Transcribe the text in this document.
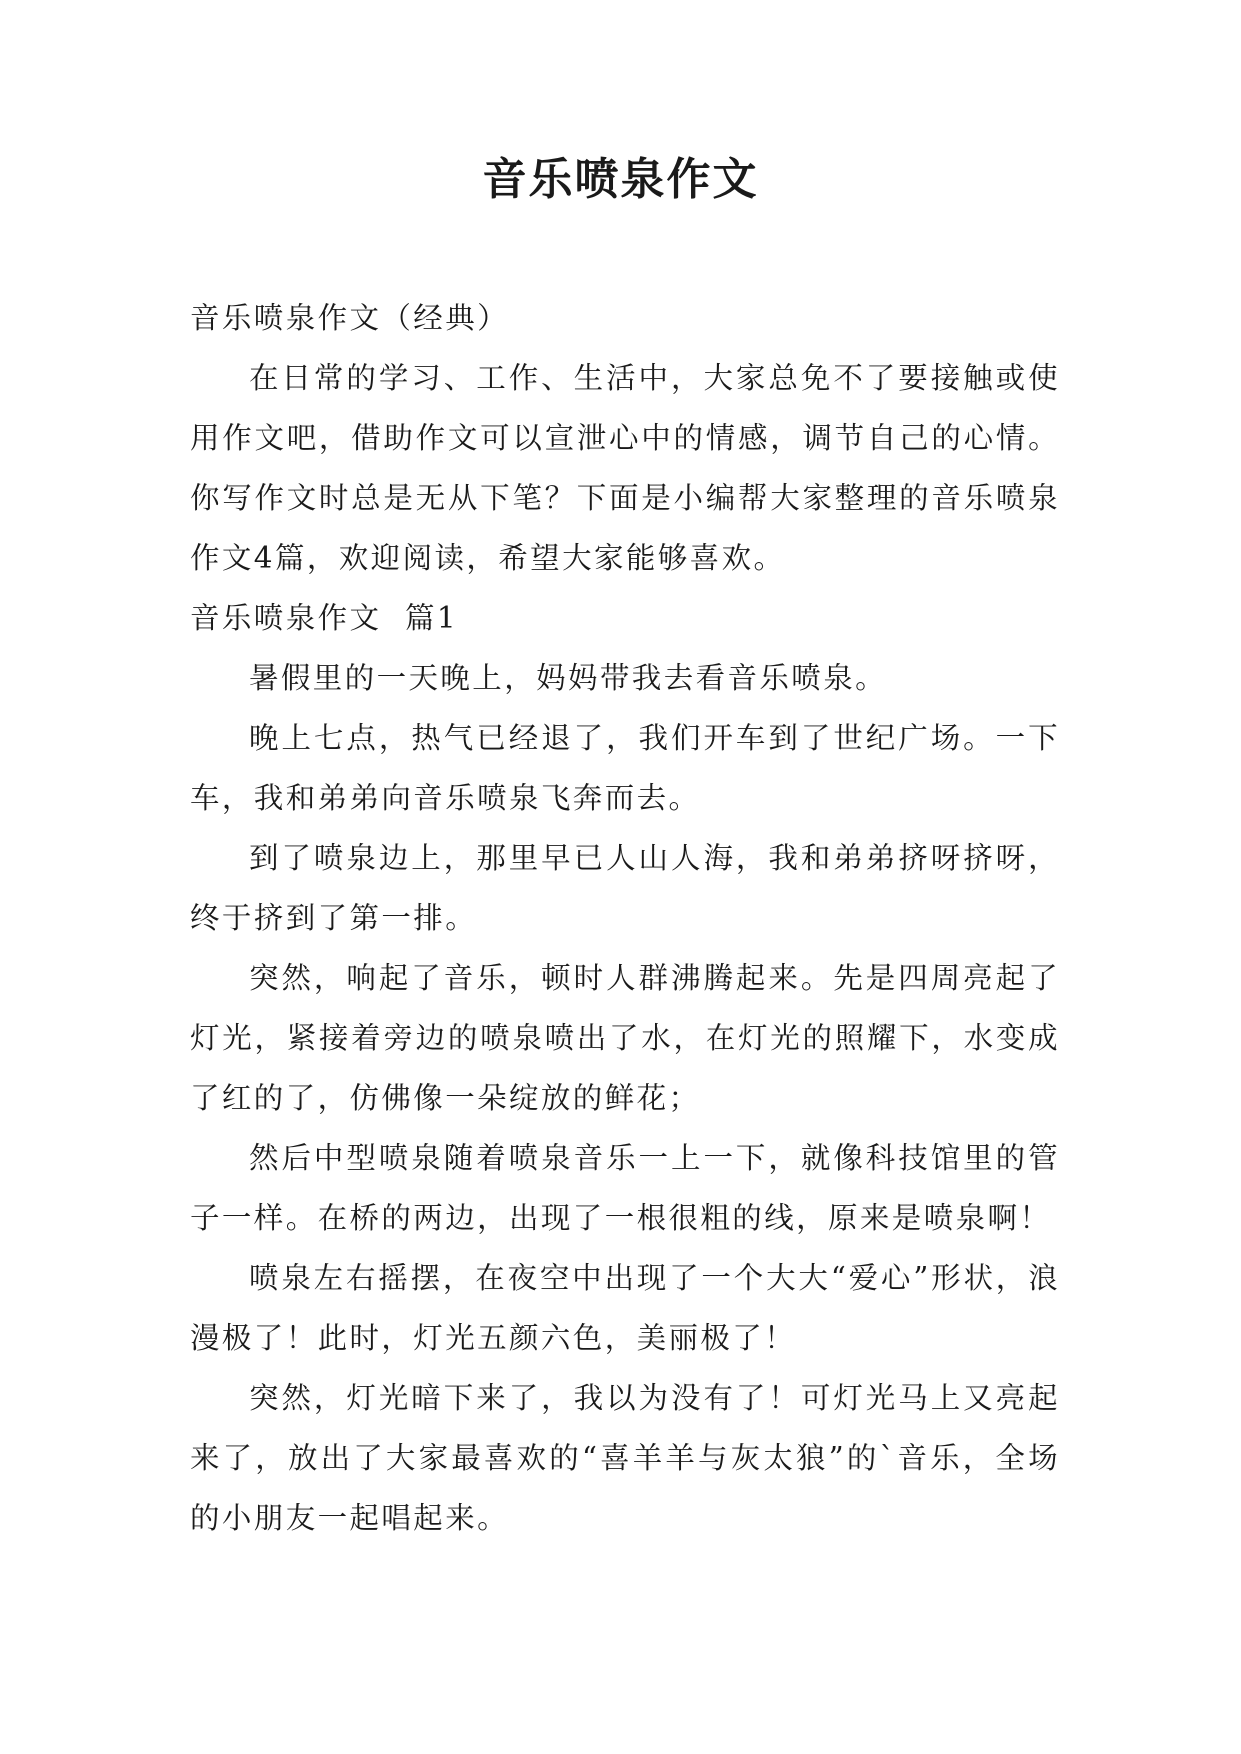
音乐喷泉作文

音乐喷泉作文（经典）

在日常的学习、工作、生活中，大家总免不了要接触或使用作文吧，借助作文可以宣泄心中的情感，调节自己的心情。你写作文时总是无从下笔？下面是小编帮大家整理的音乐喷泉作文4篇，欢迎阅读，希望大家能够喜欢。

音乐喷泉作文  篇1

暑假里的一天晚上，妈妈带我去看音乐喷泉。

晚上七点，热气已经退了，我们开车到了世纪广场。一下车，我和弟弟向音乐喷泉飞奔而去。

到了喷泉边上，那里早已人山人海，我和弟弟挤呀挤呀，终于挤到了第一排。

突然，响起了音乐，顿时人群沸腾起来。先是四周亮起了灯光，紧接着旁边的喷泉喷出了水，在灯光的照耀下，水变成了红的了，仿佛像一朵绽放的鲜花；

然后中型喷泉随着喷泉音乐一上一下，就像科技馆里的管子一样。在桥的两边，出现了一根很粗的线，原来是喷泉啊！

喷泉左右摇摆，在夜空中出现了一个大大“爱心”形状，浪漫极了！此时，灯光五颜六色，美丽极了！

突然，灯光暗下来了，我以为没有了！可灯光马上又亮起来了，放出了大家最喜欢的“喜羊羊与灰太狼”的`音乐，全场的小朋友一起唱起来。
